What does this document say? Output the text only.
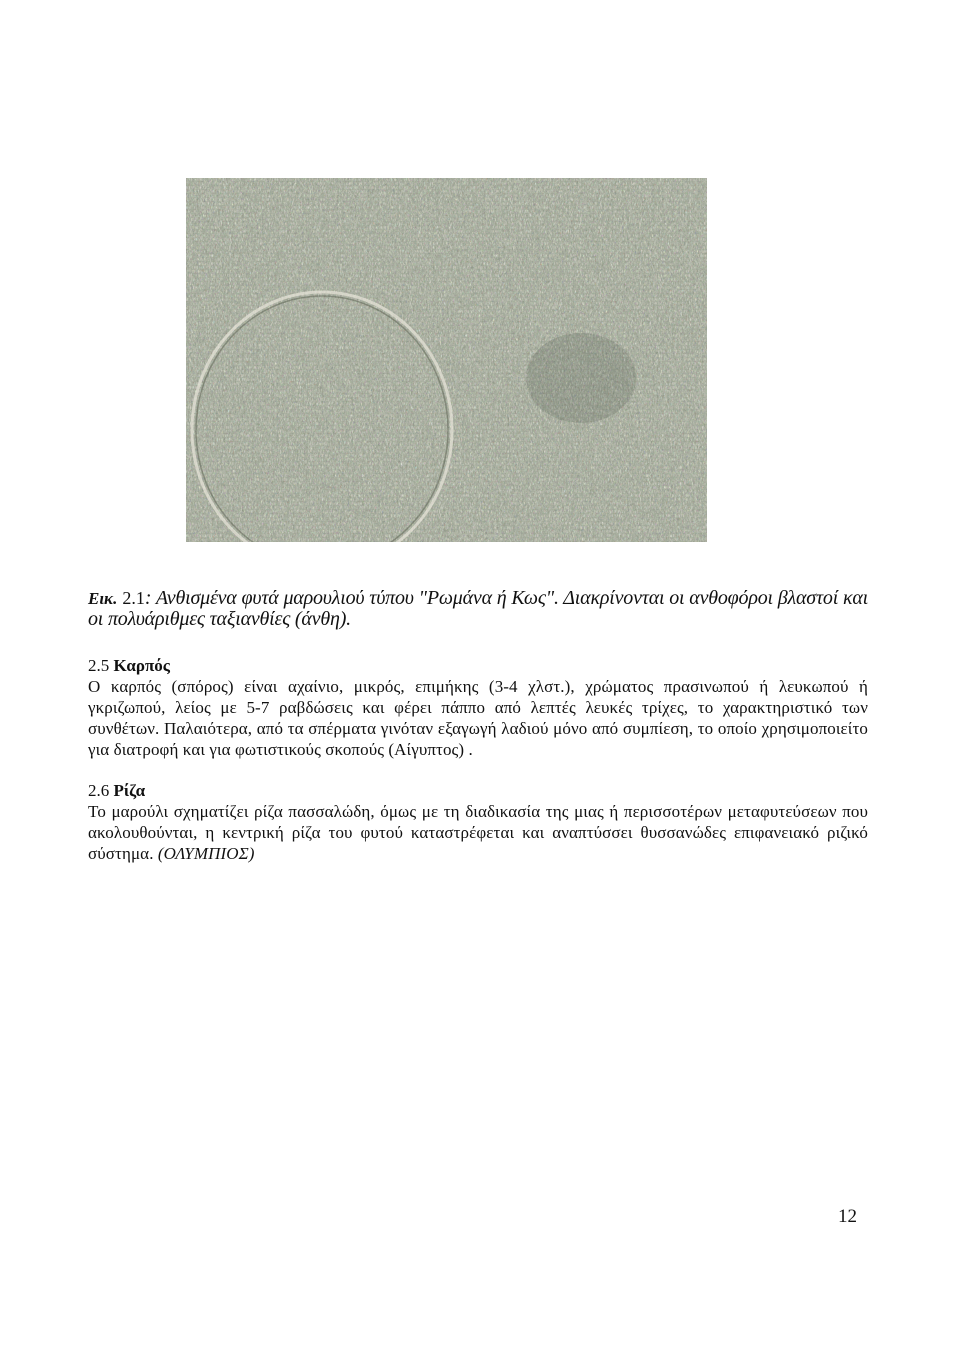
Εικ. 2.1: Ανθισμένα φυτά μαρουλιού τύπου "Ρωμάνα ή Κως". Διακρίνονται οι ανθοφόροι βλαστοί και οι πολυάριθμες ταξιανθίες (άνθη).
2.5 Καρπός

Ο καρπός (σπόρος) είναι αχαίνιο, μικρός, επιμήκης (3-4 χλστ.), χρώματος πρασινωπού ή λευκωπού ή γκριζωπού, λείος με 5-7 ραβδώσεις και φέρει πάππο από λεπτές λευκές τρίχες, το χαρακτηριστικό των συνθέτων. Παλαιότερα, από τα σπέρματα γινόταν εξαγωγή λαδιού μόνο από συμπίεση, το οποίο χρησιμοποιείτο για διατροφή και για φωτιστικούς σκοπούς (Αίγυπτος) .

2.6 Ρίζα

Το μαρούλι σχηματίζει ρίζα πασσαλώδη, όμως με τη διαδικασία της μιας ή περισσοτέρων μεταφυτεύσεων που ακολουθούνται, η κεντρική ρίζα του φυτού καταστρέφεται και αναπτύσσει θυσσανώδες επιφανειακό ριζικό σύστημα. (ΟΛΥΜΠΙΟΣ)

12
